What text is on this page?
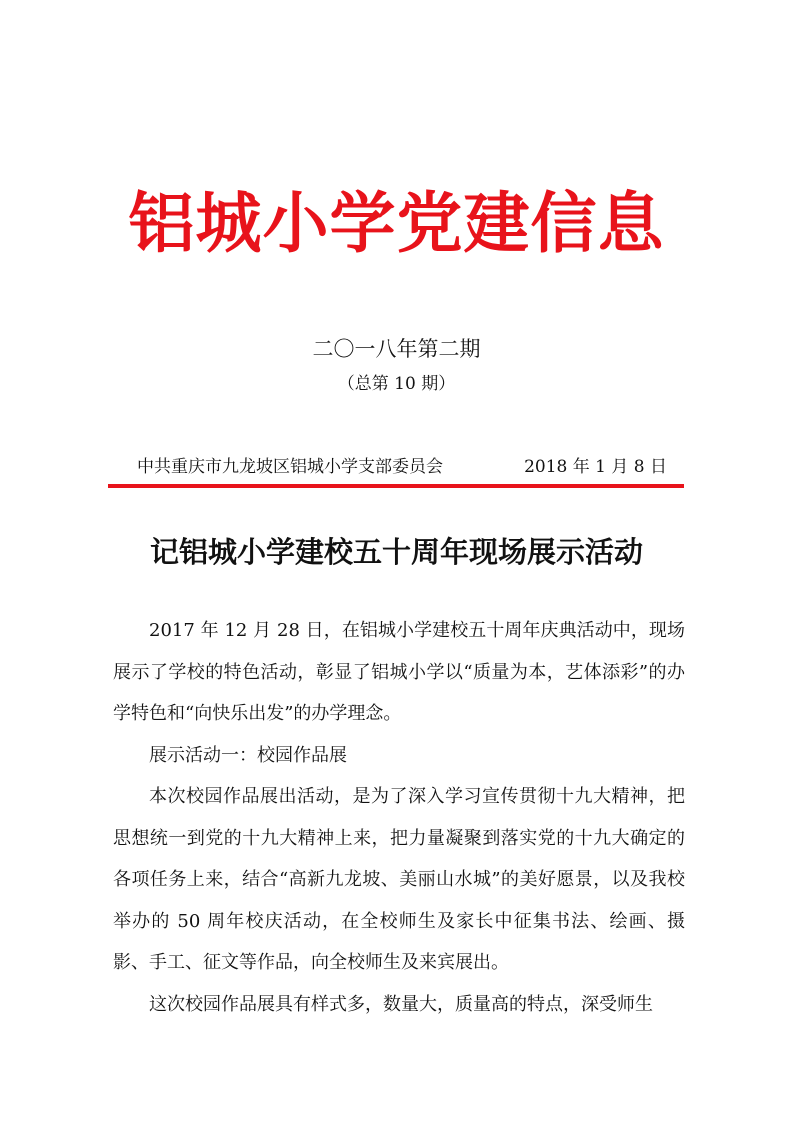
铝城小学党建信息
二〇一八年第二期
（总第 10 期）
中共重庆市九龙坡区铝城小学支部委员会	2018 年 1 月 8 日
记铝城小学建校五十周年现场展示活动

2017 年 12 月 28 日，在铝城小学建校五十周年庆典活动中，现场展示了学校的特色活动，彰显了铝城小学以“质量为本，艺体添彩”的办学特色和“向快乐出发”的办学理念。

展示活动一：校园作品展

本次校园作品展出活动，是为了深入学习宣传贯彻十九大精神，把思想统一到党的十九大精神上来，把力量凝聚到落实党的十九大确定的各项任务上来，结合“高新九龙坡、美丽山水城”的美好愿景，以及我校举办的 50 周年校庆活动，在全校师生及家长中征集书法、绘画、摄影、手工、征文等作品，向全校师生及来宾展出。

这次校园作品展具有样式多，数量大，质量高的特点，深受师生
